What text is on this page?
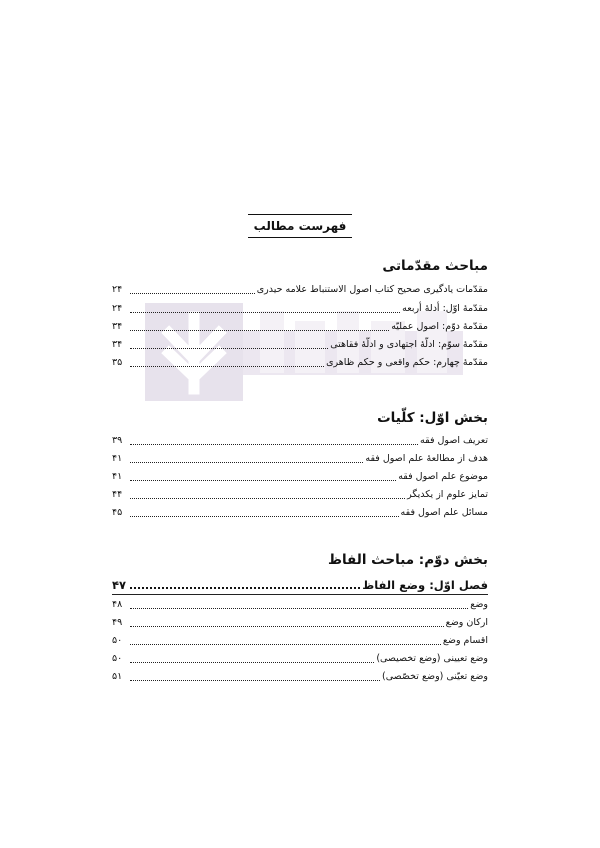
فهرست مطالب
مباحث مقدّماتی
مقدّمات یادگیری صحیح کتاب اصول الاستنباط علامه حیدری
۲۴
مقدّمهٔ اوّل: أدلهٔ أربعه
۲۴
مقدّمهٔ دوّم: اصول عملیّه
۳۴
مقدّمهٔ سوّم: ادلّهٔ اجتهادی و ادلّهٔ فقاهتی
۳۴
مقدّمهٔ چهارم: حکم واقعی و حکم ظاهری
۳۵
بخش اوّل: کلّیات
تعریف اصول فقه
۳۹
هدف از مطالعهٔ علم اصول فقه
۴۱
موضوع علم اصول فقه
۴۱
تمایز علوم از یکدیگر
۴۴
مسائل علم اصول فقه
۴۵
بخش دوّم: مباحث الفاظ
فصل اوّل: وضع الفاظ
۴۷
وضع
۴۸
ارکان وضع
۴۹
اقسام وضع
۵۰
وضع تعیینی (وضع تخصیصی)
۵۰
وضع تعیّنی (وضع تخصّصی)
۵۱
